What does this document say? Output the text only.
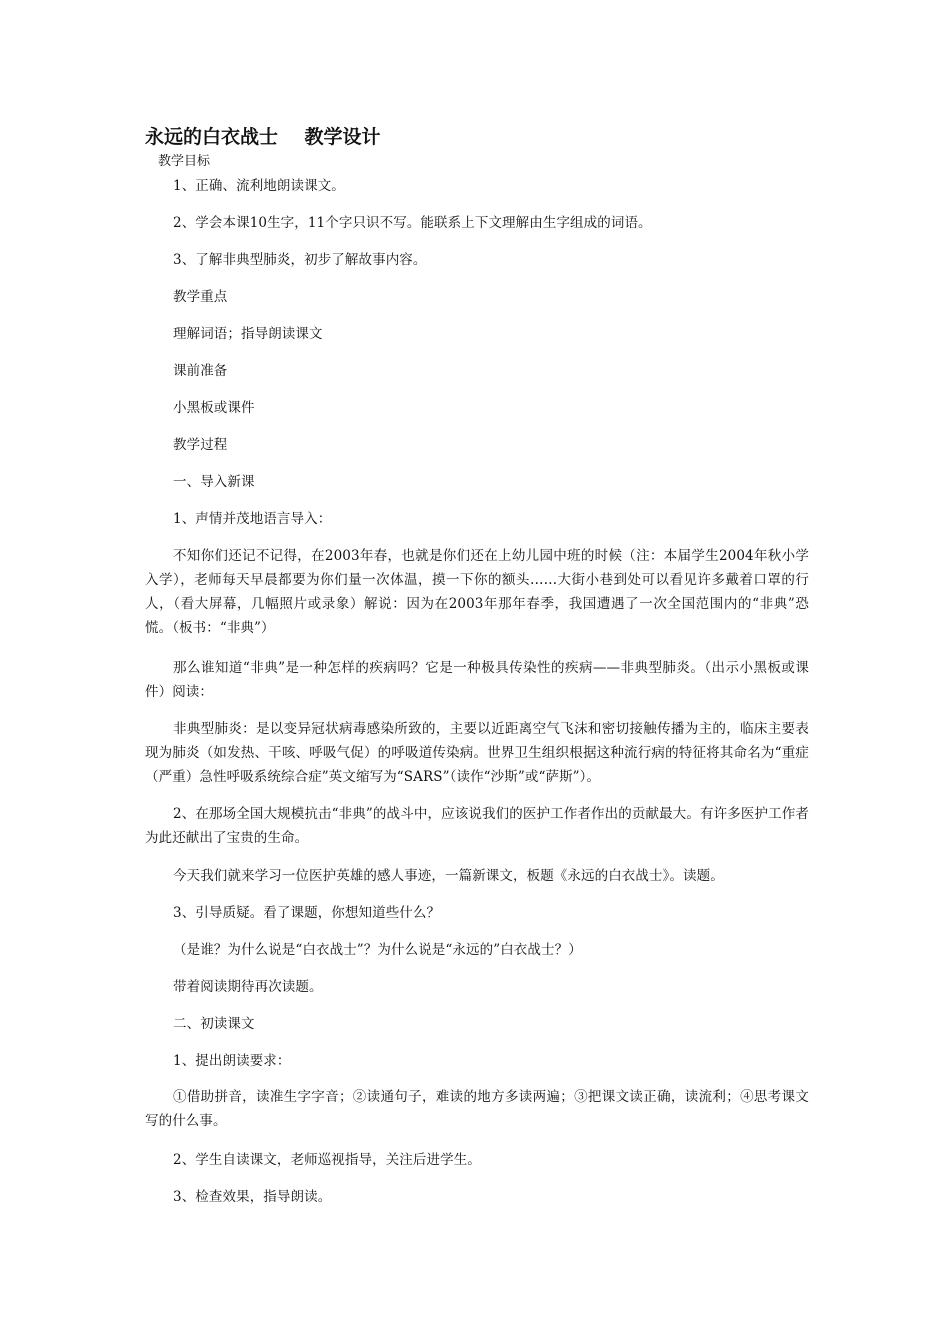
永远的白衣战士    教学设计
教学目标
1、正确、流利地朗读课文。
2、学会本课10生字，11个字只识不写。能联系上下文理解由生字组成的词语。
3、了解非典型肺炎，初步了解故事内容。
教学重点
理解词语；指导朗读课文
课前准备
小黑板或课件
教学过程
一、导入新课
1、声情并茂地语言导入：
不知你们还记不记得，在2003年春，也就是你们还在上幼儿园中班的时候（注：本届学生2004年秋小学入学），老师每天早晨都要为你们量一次体温，摸一下你的额头……大街小巷到处可以看见许多戴着口罩的行人，（看大屏幕，几幅照片或录象）解说：因为在2003年那年春季，我国遭遇了一次全国范围内的“非典”恐慌。（板书：“非典”）
那么谁知道“非典”是一种怎样的疾病吗？它是一种极具传染性的疾病——非典型肺炎。（出示小黑板或课件）阅读：
非典型肺炎：是以变异冠状病毒感染所致的，主要以近距离空气飞沫和密切接触传播为主的，临床主要表现为肺炎（如发热、干咳、呼吸气促）的呼吸道传染病。世界卫生组织根据这种流行病的特征将其命名为“重症（严重）急性呼吸系统综合症”英文缩写为“SARS”（读作“沙斯”或“萨斯”）。
2、在那场全国大规模抗击“非典”的战斗中，应该说我们的医护工作者作出的贡献最大。有许多医护工作者为此还献出了宝贵的生命。
今天我们就来学习一位医护英雄的感人事迹，一篇新课文，板题《永远的白衣战士》。读题。
3、引导质疑。看了课题，你想知道些什么？
（是谁？为什么说是“白衣战士”？为什么说是“永远的”白衣战士？）
带着阅读期待再次读题。
二、初读课文
1、提出朗读要求：
①借助拼音，读准生字字音；②读通句子，难读的地方多读两遍；③把课文读正确，读流利；④思考课文写的什么事。
2、学生自读课文，老师巡视指导，关注后进学生。
3、检查效果，指导朗读。
